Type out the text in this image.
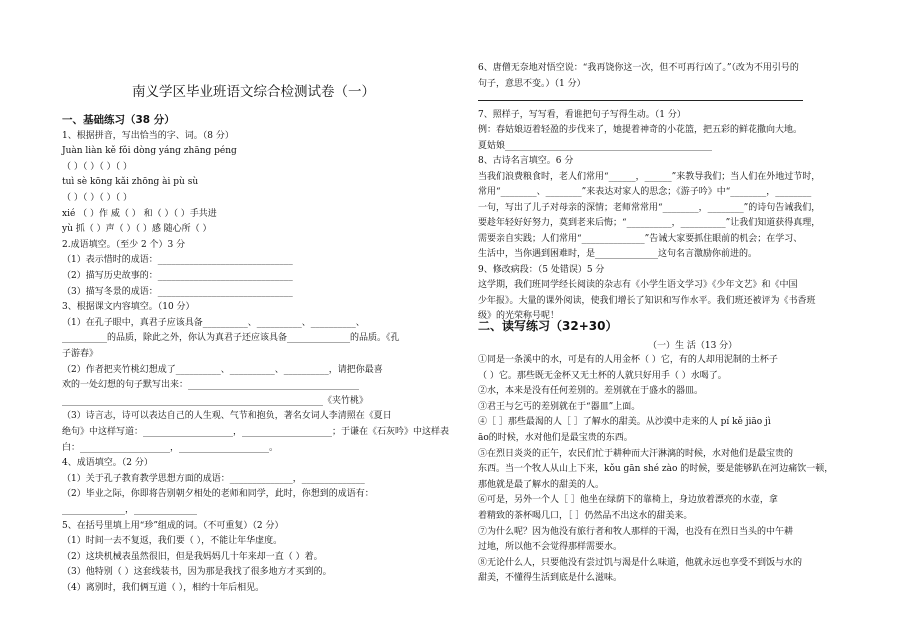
南义学区毕业班语文综合检测试卷（一）
一、基础练习（38 分）
1、根据拼音，写出恰当的字、词。（8 分）
Juàn liàn kě fǒi dòng yáng zhāng péng
（ ）（ ）（ ）（ ）
tuì sè kōng kǎi zhōng ài pù sù
（ ）（ ）（ ）（ ）
xié （ ）作 威（ ） 和（ ）（ ）手共进
yù 抓（ ）声（ ）（ ）感 随心所（ ）
2.成语填空。（至少 2 个）3 分
（1）表示惜时的成语：______________________________
（2）描写历史故事的：______________________________
（3）描写冬景的成语：______________________________
3、根据课文内容填空。（10 分）
（1）在孔子眼中，真君子应该具备__________、__________、__________、
__________的品质，除此之外，你认为真君子还应该具备______________的品质。《孔
子游春》
（2）作者把夹竹桃幻想成了__________、__________、__________，请把你最喜
欢的一处幻想的句子默写出来：______________________________________
__________________________________________________________《夹竹桃》
（3）诗言志，诗可以表达自己的人生观、气节和抱负，著名女词人李清照在《夏日
绝句》中这样写道：____________________，____________________；于谦在《石灰吟》中这样表
白：____________________，____________________。
4、成语填空。（2 分）
（1）关于孔子教育教学思想方面的成语：______________，______________
（2）毕业之际，你即将告别朝夕相处的老师和同学，此时，你想到的成语有：
______________，______________
5、在括号里填上用“珍”组成的词。（不可重复）（2 分）
（1）时间一去不复返，我们要（ ），不能让年华虚度。
（2）这块机械表虽然很旧，但是我妈妈几十年来却一直（ ）着。
（3）他特别（ ）这套线装书，因为那是我找了很多地方才买到的。
（4）离别时，我们俩互道（ ），相约十年后相见。
6、唐僧无奈地对悟空说：“我再饶你这一次，但不可再行凶了。”（改为不用引号的
句子，意思不变。）（1 分）
7、照样子，写写看，看谁把句子写得生动。（1 分）
例：春姑娘迈着轻盈的步伐来了，她提着神奇的小花篮，把五彩的鲜花撒向大地。
夏姑娘______________________________________________
8、古诗名言填空。6 分
当我们浪费粮食时，老人们常用“______，______”来教导我们；当人们在外地过节时，
常用“________、________”来表达对家人的思念；《游子吟》中“________，________
一句，写出了儿子对母亲的深情；老师常常用“________，________”的诗句告诫我们，
要趁年轻好好努力，莫到老来后悔；“__________，__________”让我们知道获得真理，
需要亲自实践；人们常用“______________”告诫大家要抓住眼前的机会；在学习、
生活中，当你遇到困难时，是______________这句名言激励你前进的。
9、修改病段：（5 处错误）5 分
这学期，我们班同学经长阅读的杂志有《小学生语文学习》《少年文艺》和《中国
少年报》。大量的课外阅读，使我们增长了知识和写作水平。我们班还被评为《书香班
级》的光荣称号呢！
二、读写练习（32+30）
（一）生 活（13 分）
①同是一条溪中的水，可是有的人用金杯（ ）它，有的人却用泥制的土杯子
（ ）它。那些既无金杯又无土杯的人就只好用手（ ）水喝了。
②水，本来是没有任何差别的。差别就在于盛水的器皿。
③君王与乞丐的差别就在于“器皿”上面。
④［ ］那些最渴的人［ ］了解水的甜美。从沙漠中走来的人 pí kě jiāo jì
āo的时候，水对他们是最宝贵的东西。
⑤在烈日炎炎的正午，农民们忙于耕种而大汗淋漓的时候，水对他们是最宝贵的
东西。当一个牧人从山上下来，kǒu gān shé zào 的时候，要是能够趴在河边痛饮一顿，
那他就是最了解水的甜美的人。
⑥可是，另外一个人［ ］他坐在绿荫下的靠椅上，身边放着漂亮的水壶，拿
着精致的茶杯喝几口，［ ］仍然品不出这水的甜美来。
⑦为什么呢？因为他没有旅行者和牧人那样的干渴，也没有在烈日当头的中午耕
过地，所以他不会觉得那样需要水。
⑧无论什么人，只要他没有尝过饥与渴是什么味道，他就永远也享受不到饭与水的
甜美，不懂得生活到底是什么滋味。
